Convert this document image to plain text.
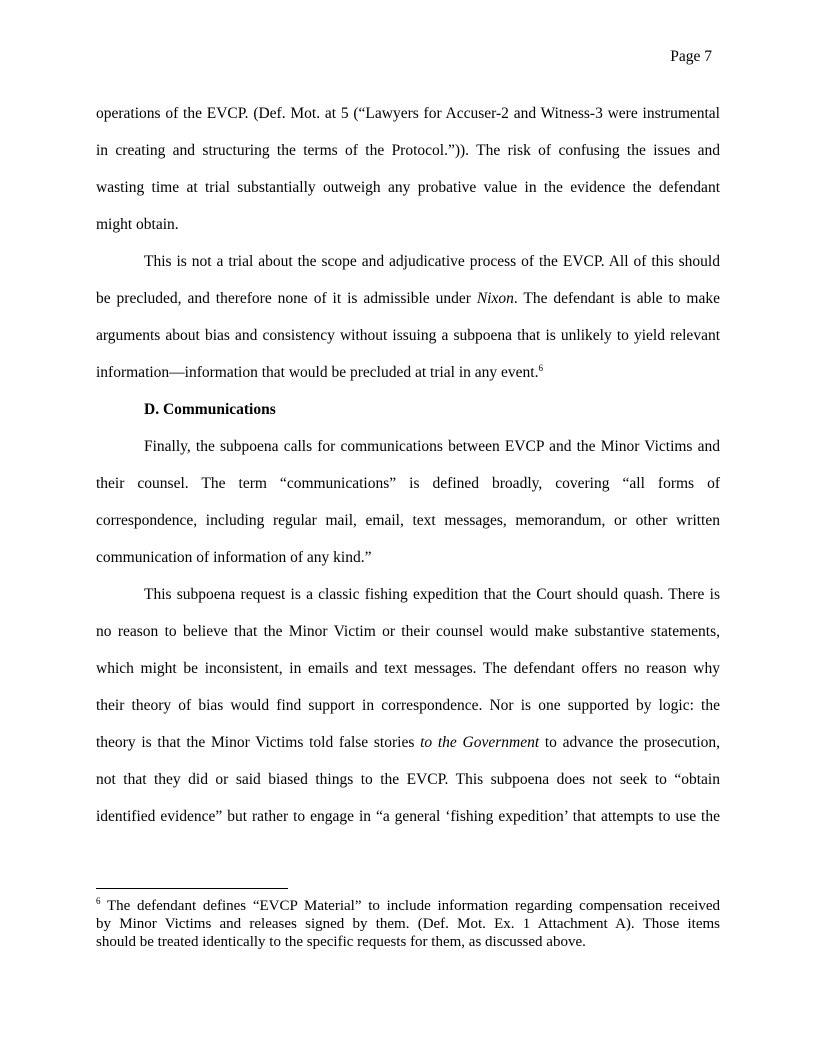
Page 7
operations of the EVCP. (Def. Mot. at 5 (“Lawyers for Accuser-2 and Witness-3 were instrumental
in creating and structuring the terms of the Protocol.”)). The risk of confusing the issues and
wasting time at trial substantially outweigh any probative value in the evidence the defendant
might obtain.
This is not a trial about the scope and adjudicative process of the EVCP. All of this should
be precluded, and therefore none of it is admissible under Nixon. The defendant is able to make
arguments about bias and consistency without issuing a subpoena that is unlikely to yield relevant
information—information that would be precluded at trial in any event.$^6$
D. Communications
Finally, the subpoena calls for communications between EVCP and the Minor Victims and
their counsel. The term “communications” is defined broadly, covering “all forms of
correspondence, including regular mail, email, text messages, memorandum, or other written
communication of information of any kind.”
This subpoena request is a classic fishing expedition that the Court should quash. There is
no reason to believe that the Minor Victim or their counsel would make substantive statements,
which might be inconsistent, in emails and text messages. The defendant offers no reason why
their theory of bias would find support in correspondence. Nor is one supported by logic: the
theory is that the Minor Victims told false stories to the Government to advance the prosecution,
not that they did or said biased things to the EVCP. This subpoena does not seek to “obtain
identified evidence” but rather to engage in “a general ‘fishing expedition’ that attempts to use the
$^6$ The defendant defines “EVCP Material” to include information regarding compensation received
by Minor Victims and releases signed by them. (Def. Mot. Ex. 1 Attachment A). Those items
should be treated identically to the specific requests for them, as discussed above.
